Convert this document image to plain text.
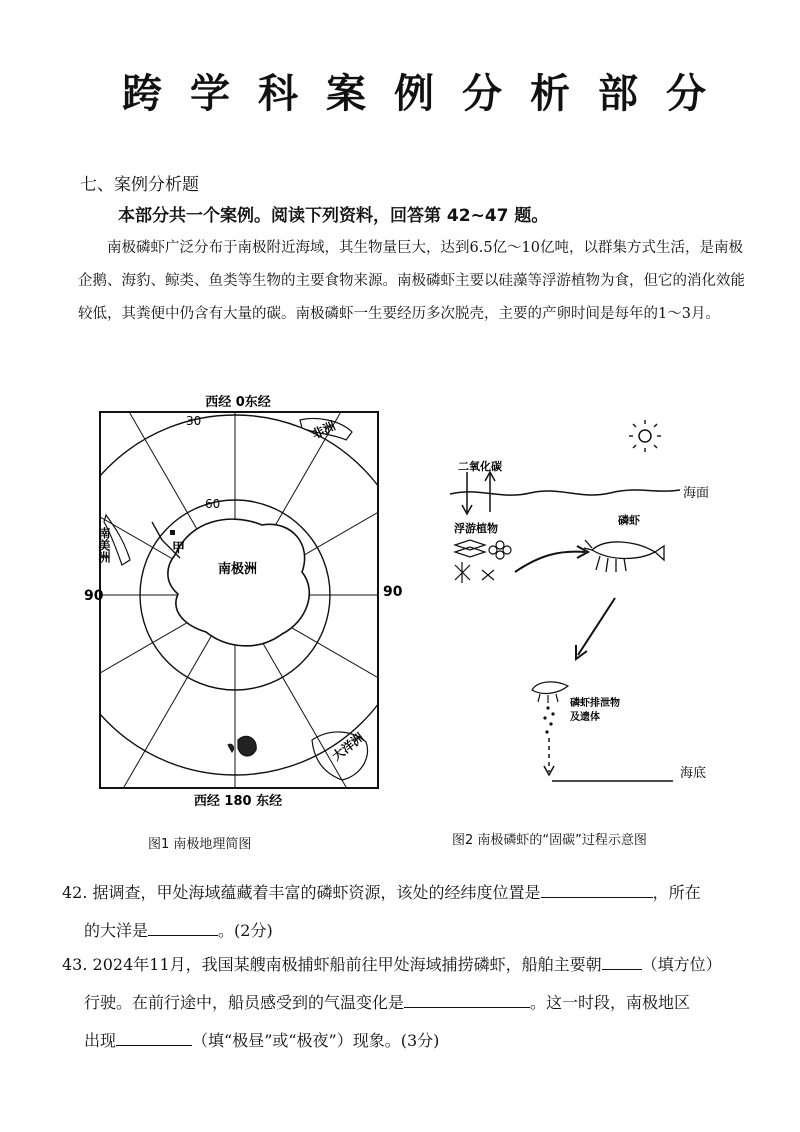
跨学科案例分析部分
七、案例分析题
本部分共一个案例。阅读下列资料，回答第 42~47 题。
南极磷虾广泛分布于南极附近海域，其生物量巨大，达到6.5亿～10亿吨，以群集方式生活，是南极企鹅、海豹、鲸类、鱼类等生物的主要食物来源。南极磷虾主要以硅藻等浮游植物为食，但它的消化效能较低，其粪便中仍含有大量的碳。南极磷虾一生要经历多次脱壳，主要的产卵时间是每年的1～3月。
西经 0东经
30
60
90	90
非洲
南美洲	甲
南极洲
大洋洲
西经 180 东经
二氧化碳
海面
浮游植物
磷虾
磷虾排泄物
及遗体
海底
图1 南极地理简图	图2 南极磷虾的“固碳”过程示意图
42. 据调查，甲处海域蕴藏着丰富的磷虾资源，该处的经纬度位置是	，所在
的大洋是	。(2分)
43. 2024年11月，我国某艘南极捕虾船前往甲处海域捕捞磷虾，船舶主要朝	（填方位）
行驶。在前行途中，船员感受到的气温变化是	。这一时段，南极地区
出现	（填“极昼”或“极夜”）现象。(3分)
